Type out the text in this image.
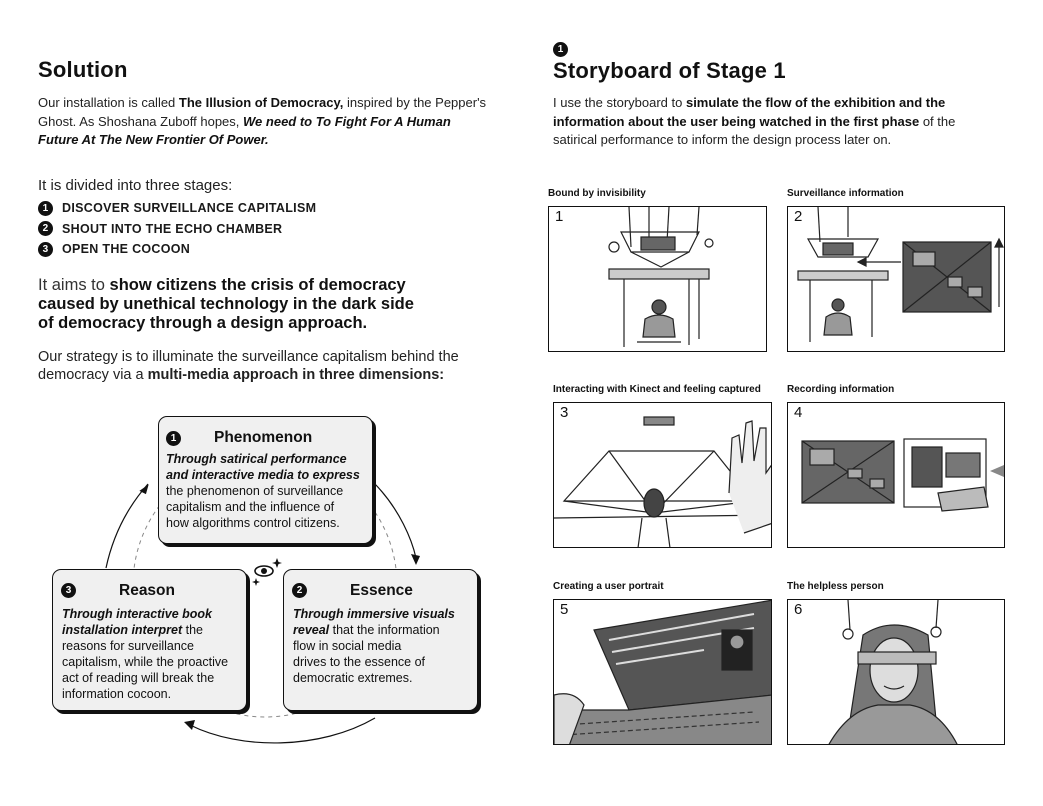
Solution
Our installation is called The Illusion of Democracy, inspired by the Pepper's Ghost. As Shoshana Zuboff hopes, We need to To Fight For A Human Future At The New Frontier Of Power.
It is divided into three stages:
1	DISCOVER SURVEILLANCE CAPITALISM
2	SHOUT INTO THE ECHO CHAMBER
3	OPEN THE COCOON
It aims to show citizens the crisis of democracy
caused by unethical technology in the dark side
of democracy through a design approach.
Our strategy is to illuminate the surveillance capitalism behind the
democracy via a multi-media approach in three dimensions:
1	Phenomenon
Through satirical performance
and interactive media to express
the phenomenon of surveillance
capitalism and the influence of
how algorithms control citizens.
3	Reason
Through interactive book
installation interpret the
reasons for surveillance
capitalism, while the proactive
act of reading will break the
information cocoon.
2	Essence
Through immersive visuals
reveal that the information
flow in social media
drives to the essence of
democratic extremes.
1
Storyboard of Stage 1
I use the storyboard to simulate the flow of the exhibition and the
information about the user being watched in the first phase of the
satirical performance to inform the design process later on.
Bound by invisibility
1
Surveillance information
2
Interacting with Kinect and feeling captured
3
Recording information
4
Creating a user portrait
5
The helpless person
6
